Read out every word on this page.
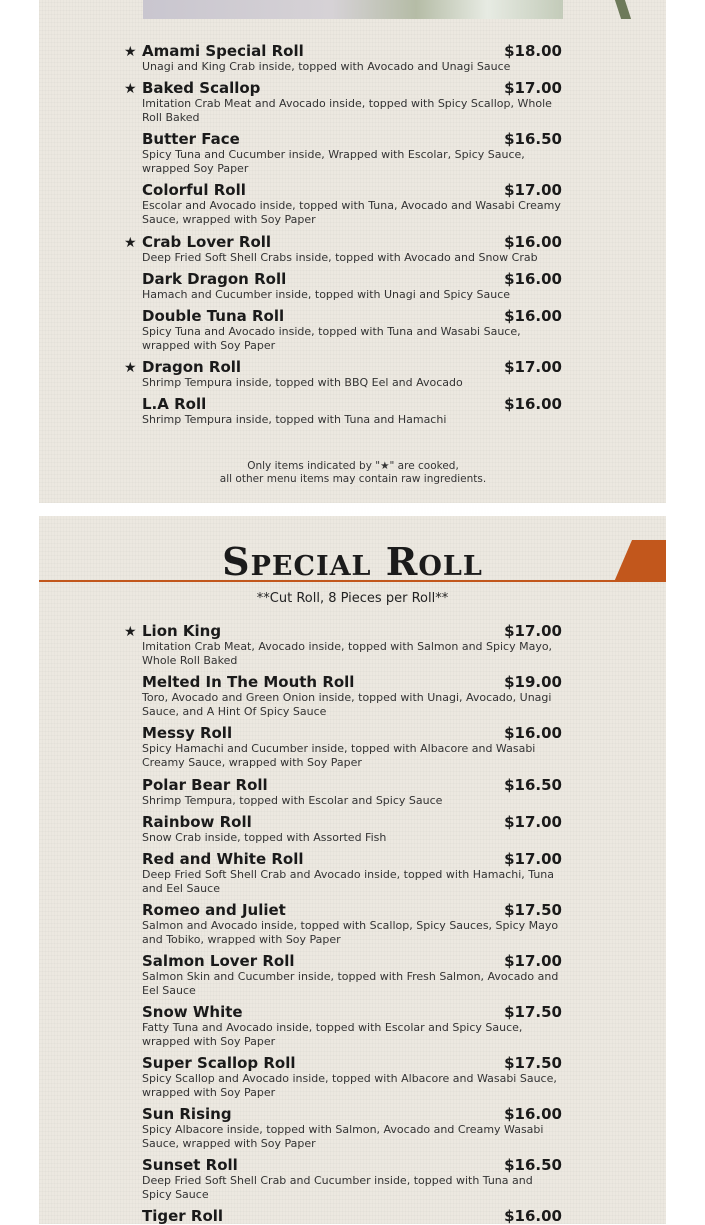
★ Amami Special Roll	$18.00
Unagi and King Crab inside, topped with Avocado and Unagi Sauce
★ Baked Scallop	$17.00
Imitation Crab Meat and Avocado inside, topped with Spicy Scallop, Whole Roll Baked
Butter Face	$16.50
Spicy Tuna and Cucumber inside, Wrapped with Escolar, Spicy Sauce, wrapped Soy Paper
Colorful Roll	$17.00
Escolar and Avocado inside, topped with Tuna, Avocado and Wasabi Creamy Sauce, wrapped with Soy Paper
★ Crab Lover Roll	$16.00
Deep Fried Soft Shell Crabs inside, topped with Avocado and Snow Crab
Dark Dragon Roll	$16.00
Hamach and Cucumber inside, topped with Unagi and Spicy Sauce
Double Tuna Roll	$16.00
Spicy Tuna and Avocado inside, topped with Tuna and Wasabi Sauce, wrapped with Soy Paper
★ Dragon Roll	$17.00
Shrimp Tempura inside, topped with BBQ Eel and Avocado
L.A Roll	$16.00
Shrimp Tempura inside, topped with Tuna and Hamachi
Only items indicated by "★" are cooked,
all other menu items may contain raw ingredients.
Special Roll
**Cut Roll, 8 Pieces per Roll**
★ Lion King	$17.00
Imitation Crab Meat, Avocado inside, topped with Salmon and Spicy Mayo, Whole Roll Baked
Melted In The Mouth Roll	$19.00
Toro, Avocado and Green Onion inside, topped with Unagi, Avocado, Unagi Sauce, and A Hint Of Spicy Sauce
Messy Roll	$16.00
Spicy Hamachi and Cucumber inside, topped with Albacore and Wasabi Creamy Sauce, wrapped with Soy Paper
Polar Bear Roll	$16.50
Shrimp Tempura, topped with Escolar and Spicy Sauce
Rainbow Roll	$17.00
Snow Crab inside, topped with Assorted Fish
Red and White Roll	$17.00
Deep Fried Soft Shell Crab and Avocado inside, topped with Hamachi, Tuna and Eel Sauce
Romeo and Juliet	$17.50
Salmon and Avocado inside, topped with Scallop, Spicy Sauces, Spicy Mayo and Tobiko, wrapped with Soy Paper
Salmon Lover Roll	$17.00
Salmon Skin and Cucumber inside, topped with Fresh Salmon, Avocado and Eel Sauce
Snow White	$17.50
Fatty Tuna and Avocado inside, topped with Escolar and Spicy Sauce, wrapped with Soy Paper
Super Scallop Roll	$17.50
Spicy Scallop and Avocado inside, topped with Albacore and Wasabi Sauce, wrapped with Soy Paper
Sun Rising	$16.00
Spicy Albacore inside, topped with Salmon, Avocado and Creamy Wasabi Sauce, wrapped with Soy Paper
Sunset Roll	$16.50
Deep Fried Soft Shell Crab and Cucumber inside, topped with Tuna and Spicy Sauce
Tiger Roll	$16.00
